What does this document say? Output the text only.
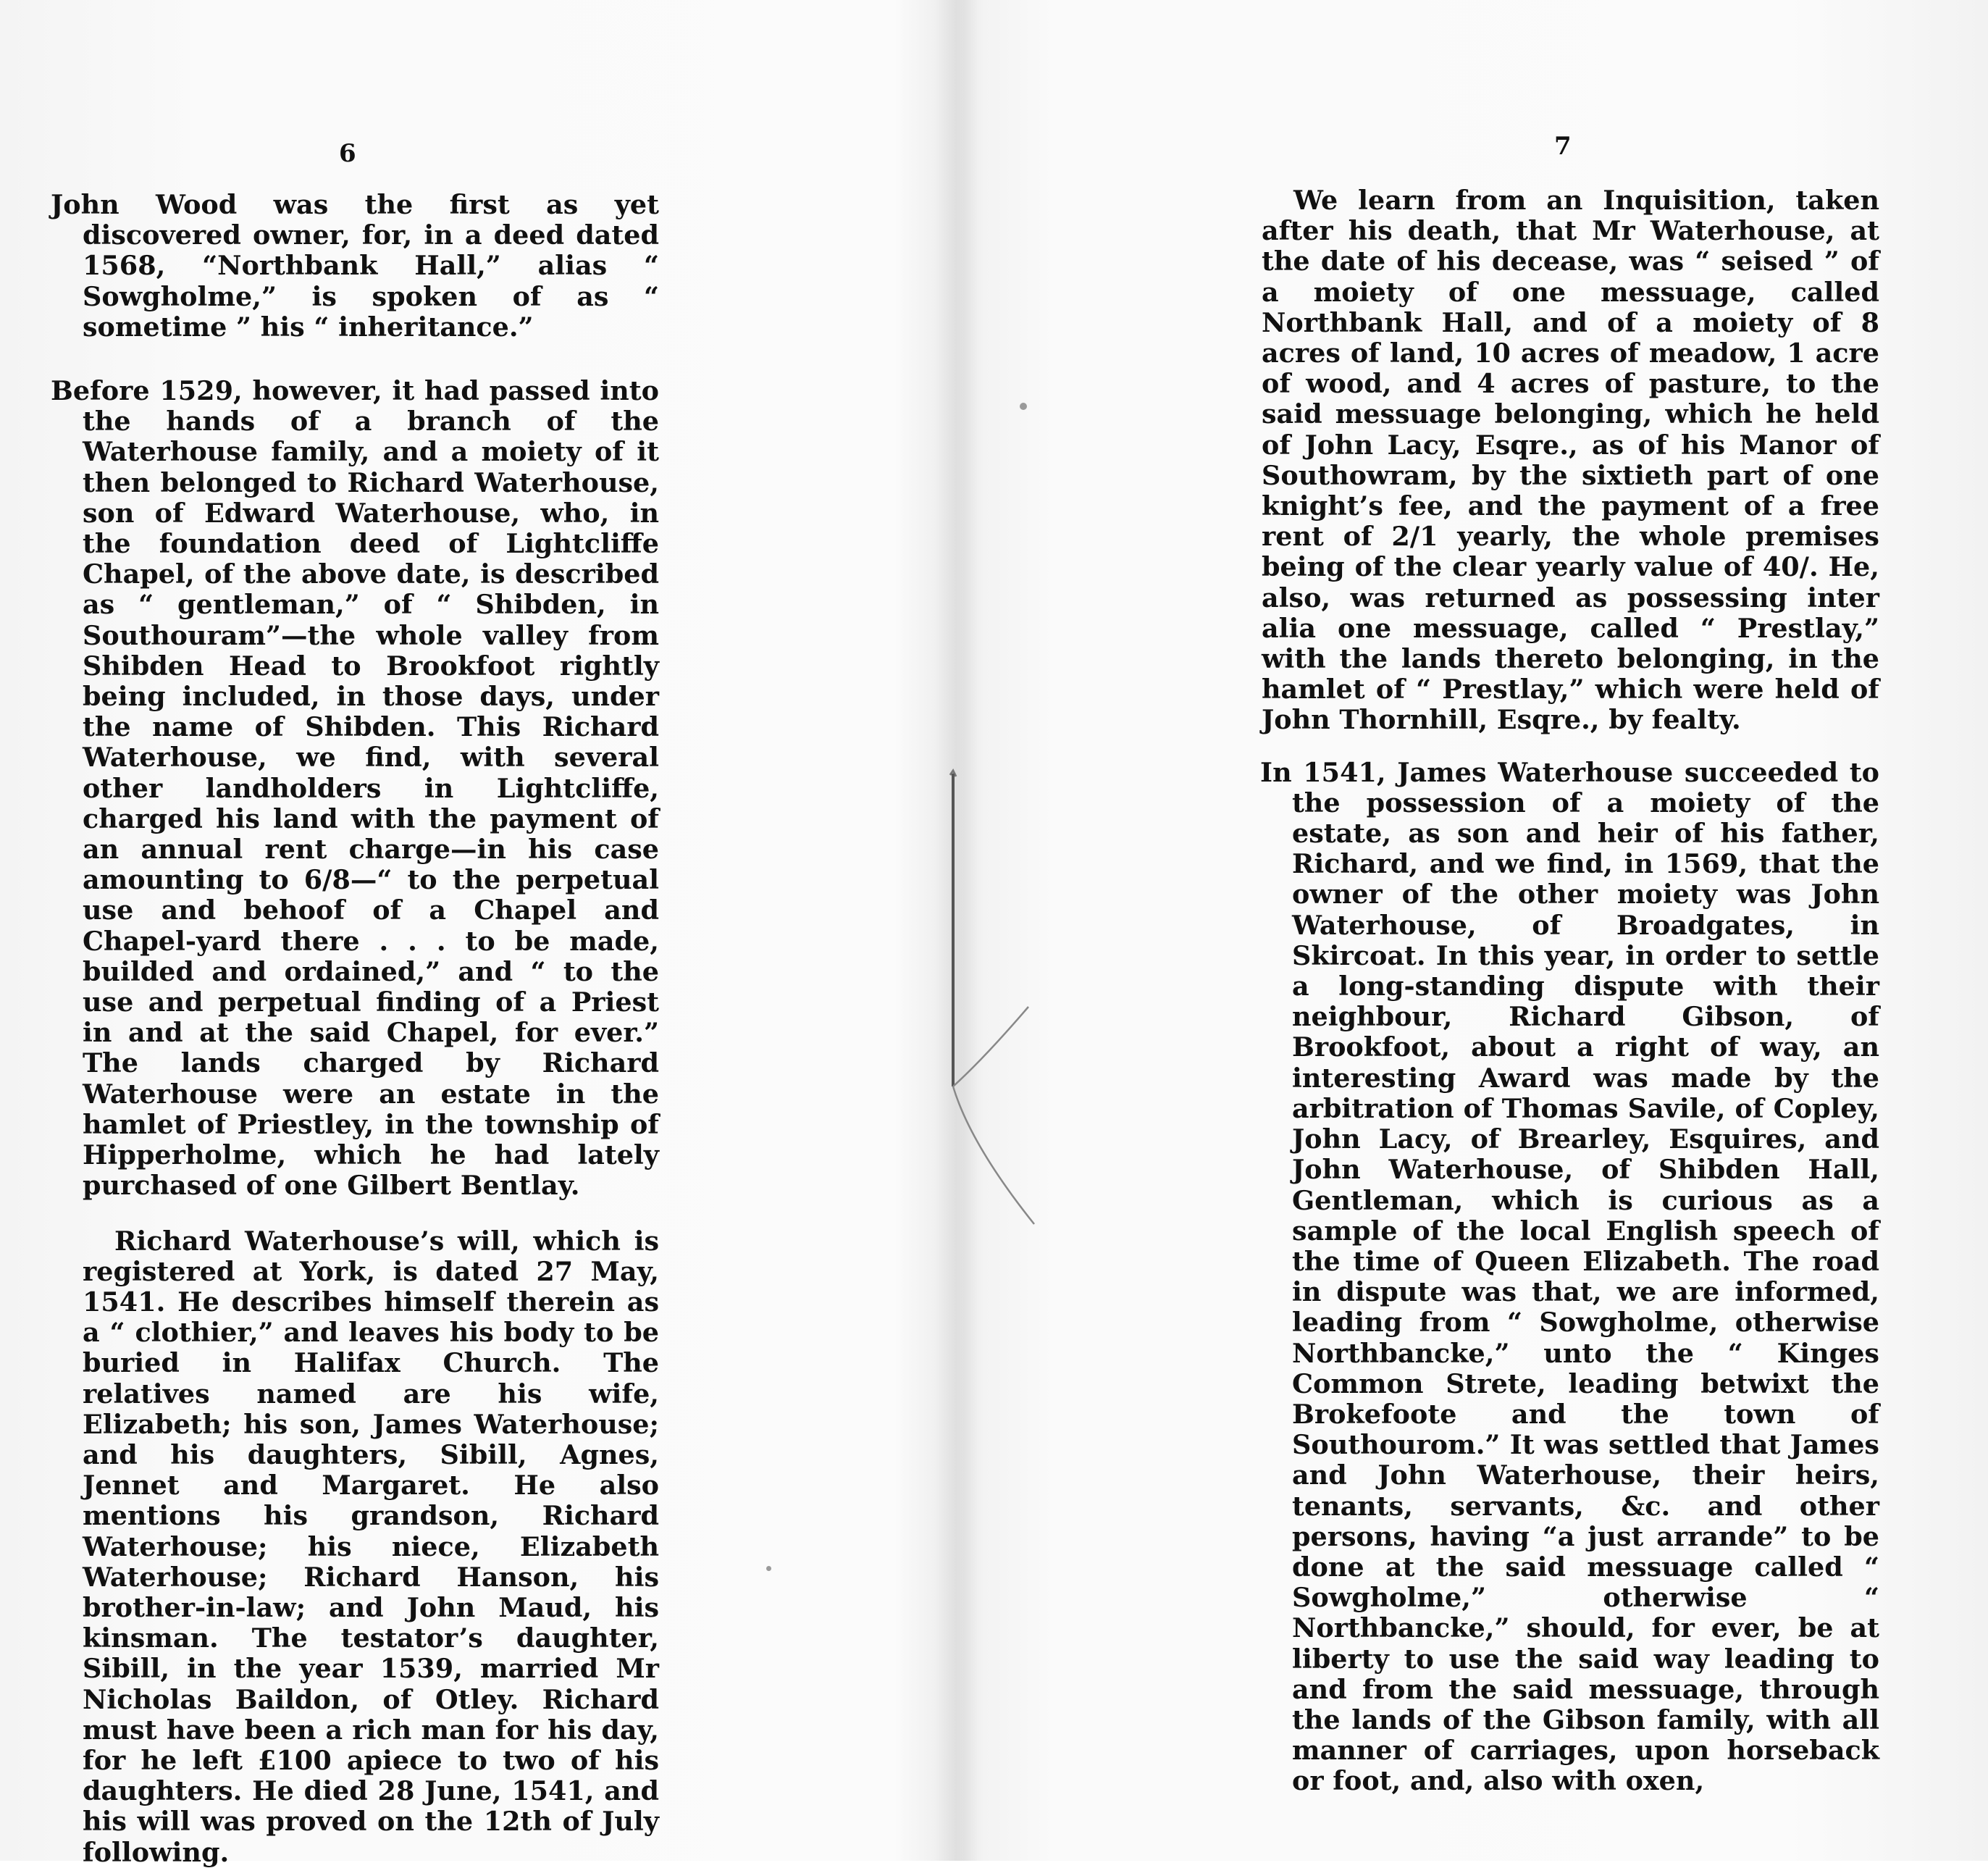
6

John Wood was the first as yet discovered owner, for, in a deed dated 1568, “Northbank Hall,” alias “ Sowgholme,” is spoken of as “ sometime ” his “ inheritance.”

Before 1529, however, it had passed into the hands of a branch of the Waterhouse family, and a moiety of it then belonged to Richard Waterhouse, son of Edward Waterhouse, who, in the foundation deed of Lightcliffe Chapel, of the above date, is described as “ gentleman,” of “ Shibden, in Southouram”—the whole valley from Shibden Head to Brookfoot rightly being included, in those days, under the name of Shibden. This Richard Waterhouse, we find, with several other landholders in Lightcliffe, charged his land with the payment of an annual rent charge—in his case amounting to 6/8—“ to the perpetual use and behoof of a Chapel and Chapel-yard there . . . to be made, builded and ordained,” and “ to the use and perpetual finding of a Priest in and at the said Chapel, for ever.” The lands charged by Richard Waterhouse were an estate in the hamlet of Priestley, in the township of Hipperholme, which he had lately purchased of one Gilbert Bentlay.

Richard Waterhouse’s will, which is registered at York, is dated 27 May, 1541. He describes himself therein as a “ clothier,” and leaves his body to be buried in Halifax Church. The relatives named are his wife, Elizabeth; his son, James Waterhouse; and his daughters, Sibill, Agnes, Jennet and Margaret. He also mentions his grandson, Richard Waterhouse; his niece, Elizabeth Waterhouse; Richard Hanson, his brother-in-law; and John Maud, his kinsman. The testator’s daughter, Sibill, in the year 1539, married Mr Nicholas Baildon, of Otley. Richard must have been a rich man for his day, for he left £100 apiece to two of his daughters. He died 28 June, 1541, and his will was proved on the 12th of July following.

7

We learn from an Inquisition, taken after his death, that Mr Waterhouse, at the date of his decease, was “ seised ” of a moiety of one messuage, called Northbank Hall, and of a moiety of 8 acres of land, 10 acres of meadow, 1 acre of wood, and 4 acres of pasture, to the said messuage belonging, which he held of John Lacy, Esqre., as of his Manor of Southowram, by the sixtieth part of one knight’s fee, and the payment of a free rent of 2/1 yearly, the whole premises being of the clear yearly value of 40/. He, also, was returned as possessing inter alia one messuage, called “ Prestlay,” with the lands thereto belonging, in the hamlet of “ Prestlay,” which were held of John Thornhill, Esqre., by fealty.

In 1541, James Waterhouse succeeded to the possession of a moiety of the estate, as son and heir of his father, Richard, and we find, in 1569, that the owner of the other moiety was John Waterhouse, of Broadgates, in Skircoat. In this year, in order to settle a long-standing dispute with their neighbour, Richard Gibson, of Brookfoot, about a right of way, an interesting Award was made by the arbitration of Thomas Savile, of Copley, John Lacy, of Brearley, Esquires, and John Waterhouse, of Shibden Hall, Gentleman, which is curious as a sample of the local English speech of the time of Queen Elizabeth. The road in dispute was that, we are informed, leading from “ Sowgholme, otherwise Northbancke,” unto the “ Kinges Common Strete, leading betwixt the Brokefoote and the town of Southourom.” It was settled that James and John Waterhouse, their heirs, tenants, servants, &c. and other persons, having “a just arrande” to be done at the said messuage called “ Sowgholme,” otherwise “ Northbancke,” should, for ever, be at liberty to use the said way leading to and from the said messuage, through the lands of the Gibson family, with all manner of carriages, upon horseback or foot, and, also with oxen,
